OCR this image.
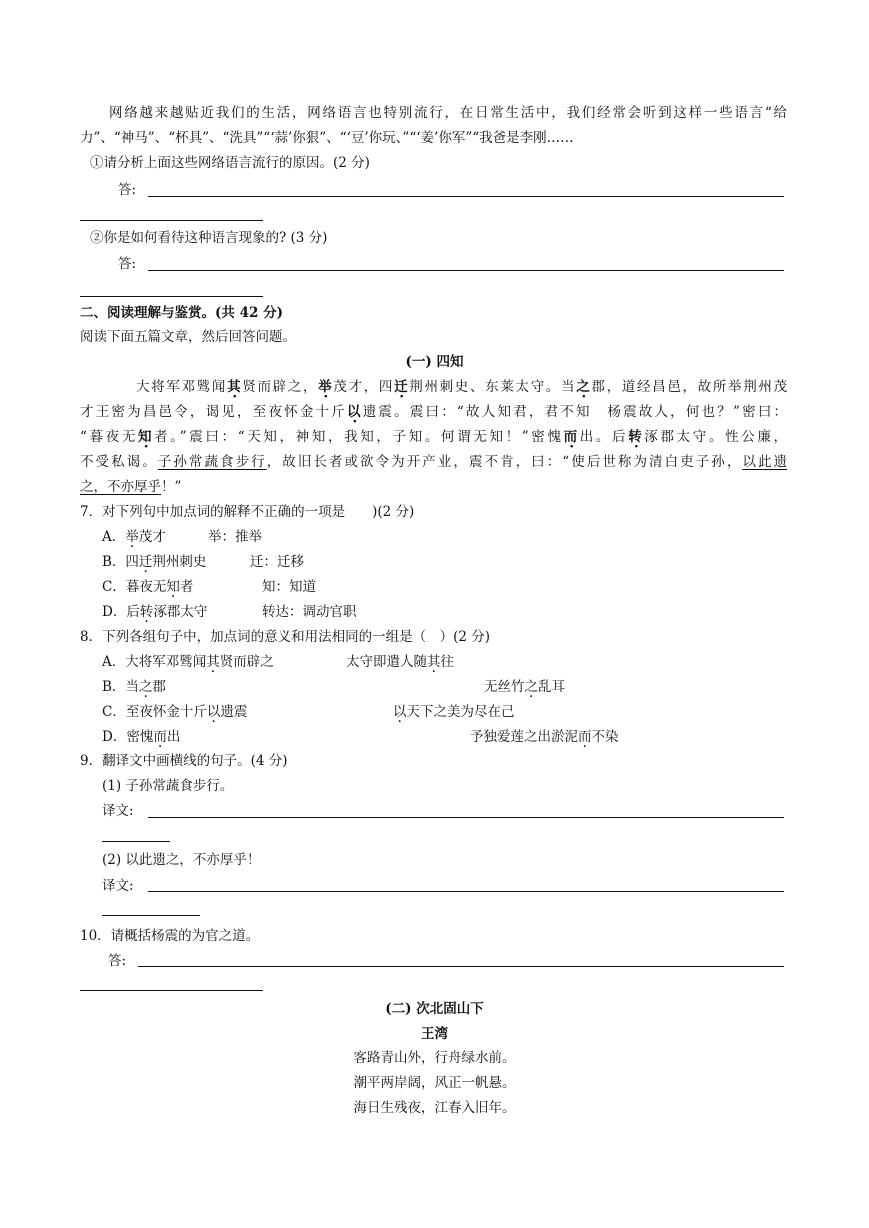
网络越来越贴近我们的生活，网络语言也特别流行，在日常生活中，我们经常会听到这样一些语言“给
力”、“神马”、“杯具”、“洗具”“‘蒜’你狠”、“‘豆’你玩、”“‘姜’你军”“我爸是李刚……
①请分析上面这些网络语言流行的原因。(2 分)
答:
②你是如何看待这种语言现象的? (3 分)
答:
二、阅读理解与鉴赏。(共 42 分)
阅读下面五篇文章，然后回答问题。
(一) 四知
大将军邓骘闻其贤而辟之，举茂才，四迁荆州刺史、东莱太守。当之郡，道经昌邑，故所举荆州茂
才王密为昌邑令，谒见，至夜怀金十斤以遗震。震曰：“故人知君，君不知　杨震故人，何也？”密曰：
“暮夜无知者。”震曰：“天知，神知，我知，子知。何谓无知！”密愧而出。后转涿郡太守。性公廉，
不受私谒。子孙常蔬食步行，故旧长者或欲令为开产业，震不肯，曰：“使后世称为清白吏子孙，以此遗
之，不亦厚乎！”
7．对下列句中加点词的解释不正确的一项是　　)(2 分)
A．举茂才	举：推举
B．四迁荆州刺史	迁：迁移
C．暮夜无知者	知：知道
D．后转涿郡太守	转达：调动官职
8．下列各组句子中，加点词的意义和用法相同的一组是（　）(2 分)
A．大将军邓骘闻其贤而辟之	太守即遣人随其往
B．当之郡	无丝竹之乱耳
C．至夜怀金十斤以遗震	以天下之美为尽在己
D．密愧而出	予独爱莲之出淤泥而不染
9．翻译文中画横线的句子。(4 分)
(1) 子孙常蔬食步行。
译文:
(2) 以此遗之，不亦厚乎！
译文:
10．请概括杨震的为官之道。
答:
(二) 次北固山下
王湾
客路青山外，行舟绿水前。
潮平两岸阔，风正一帆悬。
海日生残夜，江春入旧年。
